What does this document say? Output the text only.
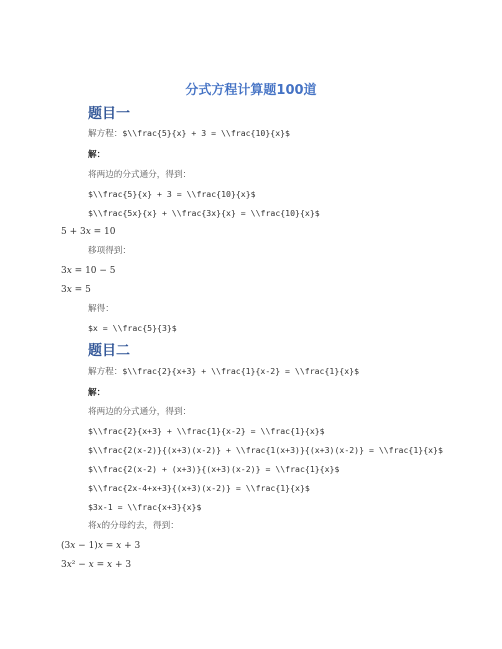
分式方程计算题100道
题目一
解方程：$\\frac{5}{x} + 3 = \\frac{10}{x}$
解：
将两边的分式通分，得到：
$\\frac{5}{x} + 3 = \\frac{10}{x}$
$\\frac{5x}{x} + \\frac{3x}{x} = \\frac{10}{x}$
5 + 3𝑥 = 10
移项得到：
3𝑥 = 10 − 5
3𝑥 = 5
解得：
$x = \\frac{5}{3}$
题目二
解方程：$\\frac{2}{x+3} + \\frac{1}{x-2} = \\frac{1}{x}$
解：
将两边的分式通分，得到：
$\\frac{2}{x+3} + \\frac{1}{x-2} = \\frac{1}{x}$
$\\frac{2(x-2)}{(x+3)(x-2)} + \\frac{1(x+3)}{(x+3)(x-2)} = \\frac{1}{x}$
$\\frac{2(x-2) + (x+3)}{(x+3)(x-2)} = \\frac{1}{x}$
$\\frac{2x-4+x+3}{(x+3)(x-2)} = \\frac{1}{x}$
$3x-1 = \\frac{x+3}{x}$
将𝑥的分母约去，得到：
(3𝑥 − 1)𝑥 = 𝑥 + 3
3𝑥² − 𝑥 = 𝑥 + 3
